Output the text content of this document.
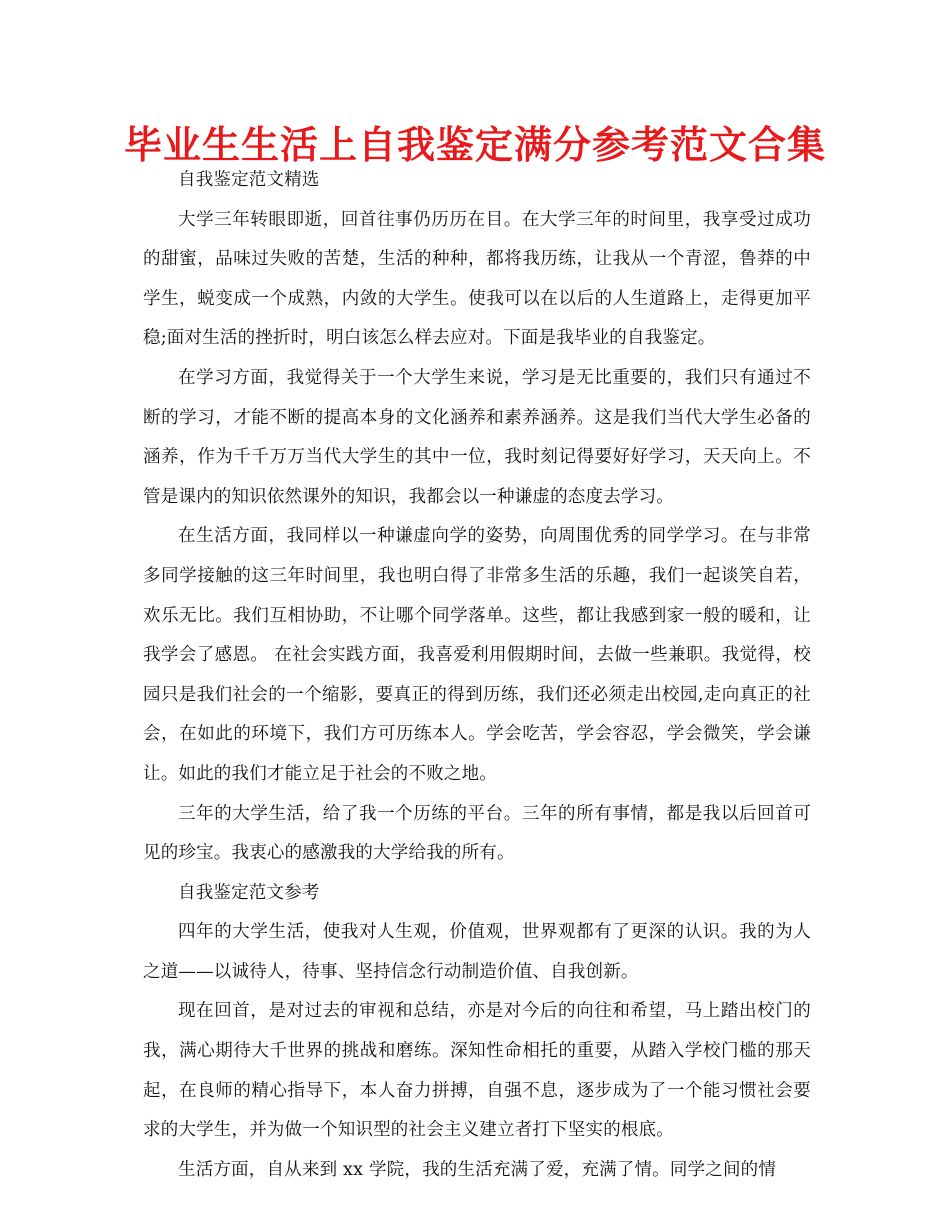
毕业生生活上自我鉴定满分参考范文合集

自我鉴定范文精选

大学三年转眼即逝，回首往事仍历历在目。在大学三年的时间里，我享受过成功的甜蜜，品味过失败的苦楚，生活的种种，都将我历练，让我从一个青涩，鲁莽的中学生，蜕变成一个成熟，内敛的大学生。使我可以在以后的人生道路上，走得更加平稳;面对生活的挫折时，明白该怎么样去应对。下面是我毕业的自我鉴定。

在学习方面，我觉得关于一个大学生来说，学习是无比重要的，我们只有通过不断的学习，才能不断的提高本身的文化涵养和素养涵养。这是我们当代大学生必备的涵养，作为千千万万当代大学生的其中一位，我时刻记得要好好学习，天天向上。不管是课内的知识依然课外的知识，我都会以一种谦虚的态度去学习。

在生活方面，我同样以一种谦虚向学的姿势，向周围优秀的同学学习。在与非常多同学接触的这三年时间里，我也明白得了非常多生活的乐趣，我们一起谈笑自若，欢乐无比。我们互相协助，不让哪个同学落单。这些，都让我感到家一般的暖和，让我学会了感恩。 在社会实践方面，我喜爱利用假期时间，去做一些兼职。我觉得，校园只是我们社会的一个缩影，要真正的得到历练，我们还必须走出校园,走向真正的社会，在如此的环境下，我们方可历练本人。学会吃苦，学会容忍，学会微笑，学会谦让。如此的我们才能立足于社会的不败之地。

三年的大学生活，给了我一个历练的平台。三年的所有事情，都是我以后回首可见的珍宝。我衷心的感激我的大学给我的所有。

自我鉴定范文参考

四年的大学生活，使我对人生观，价值观，世界观都有了更深的认识。我的为人之道——以诚待人，待事、坚持信念行动制造价值、自我创新。

现在回首，是对过去的审视和总结，亦是对今后的向往和希望，马上踏出校门的我，满心期待大千世界的挑战和磨练。深知性命相托的重要，从踏入学校门槛的那天起，在良师的精心指导下，本人奋力拼搏，自强不息，逐步成为了一个能习惯社会要求的大学生，并为做一个知识型的社会主义建立者打下坚实的根底。

生活方面，自从来到 xx 学院，我的生活充满了爱，充满了情。同学之间的情
